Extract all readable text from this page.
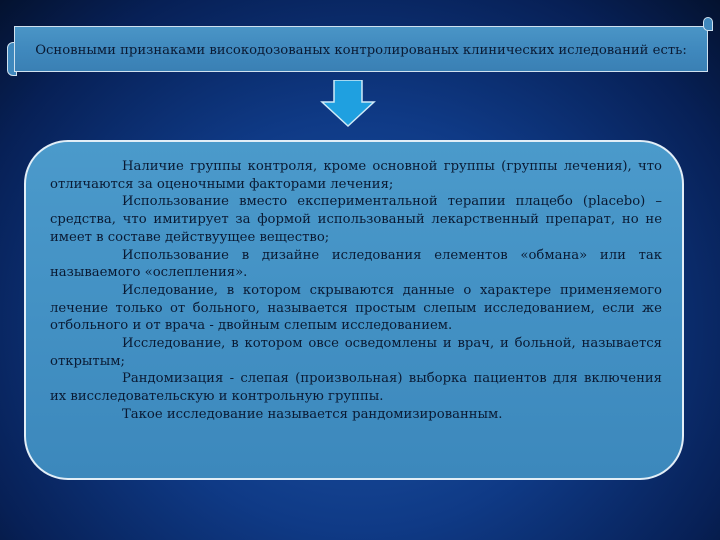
Основными признаками високодозованых контролированых клинических иследований есть:

Наличие группы контроля, кроме основной группы (группы лечения), что отличаются за оценочными факторами лечения;

Использование вместо експериментальной терапии плацебо (placebo) – средства, что имитирует за формой использованый лекарственный препарат, но не имеет в составе действуущее вещество;

Использование в дизайне иследования елементов «обмана» или так называемого «ослепления».

Иследование, в котором скрываются данные о характере применяемого лечение только от больного, называется простым слепым исследованием, если же отбольного и от врача - двойным слепым исследованием.

Исследование, в котором овсе осведомлены и врач, и больной, называется открытым;

Рандомизация - слепая (произвольная) выборка пациентов для включения их висследовательскую и контрольную группы.

Такое исследование называется рандомизированным.
